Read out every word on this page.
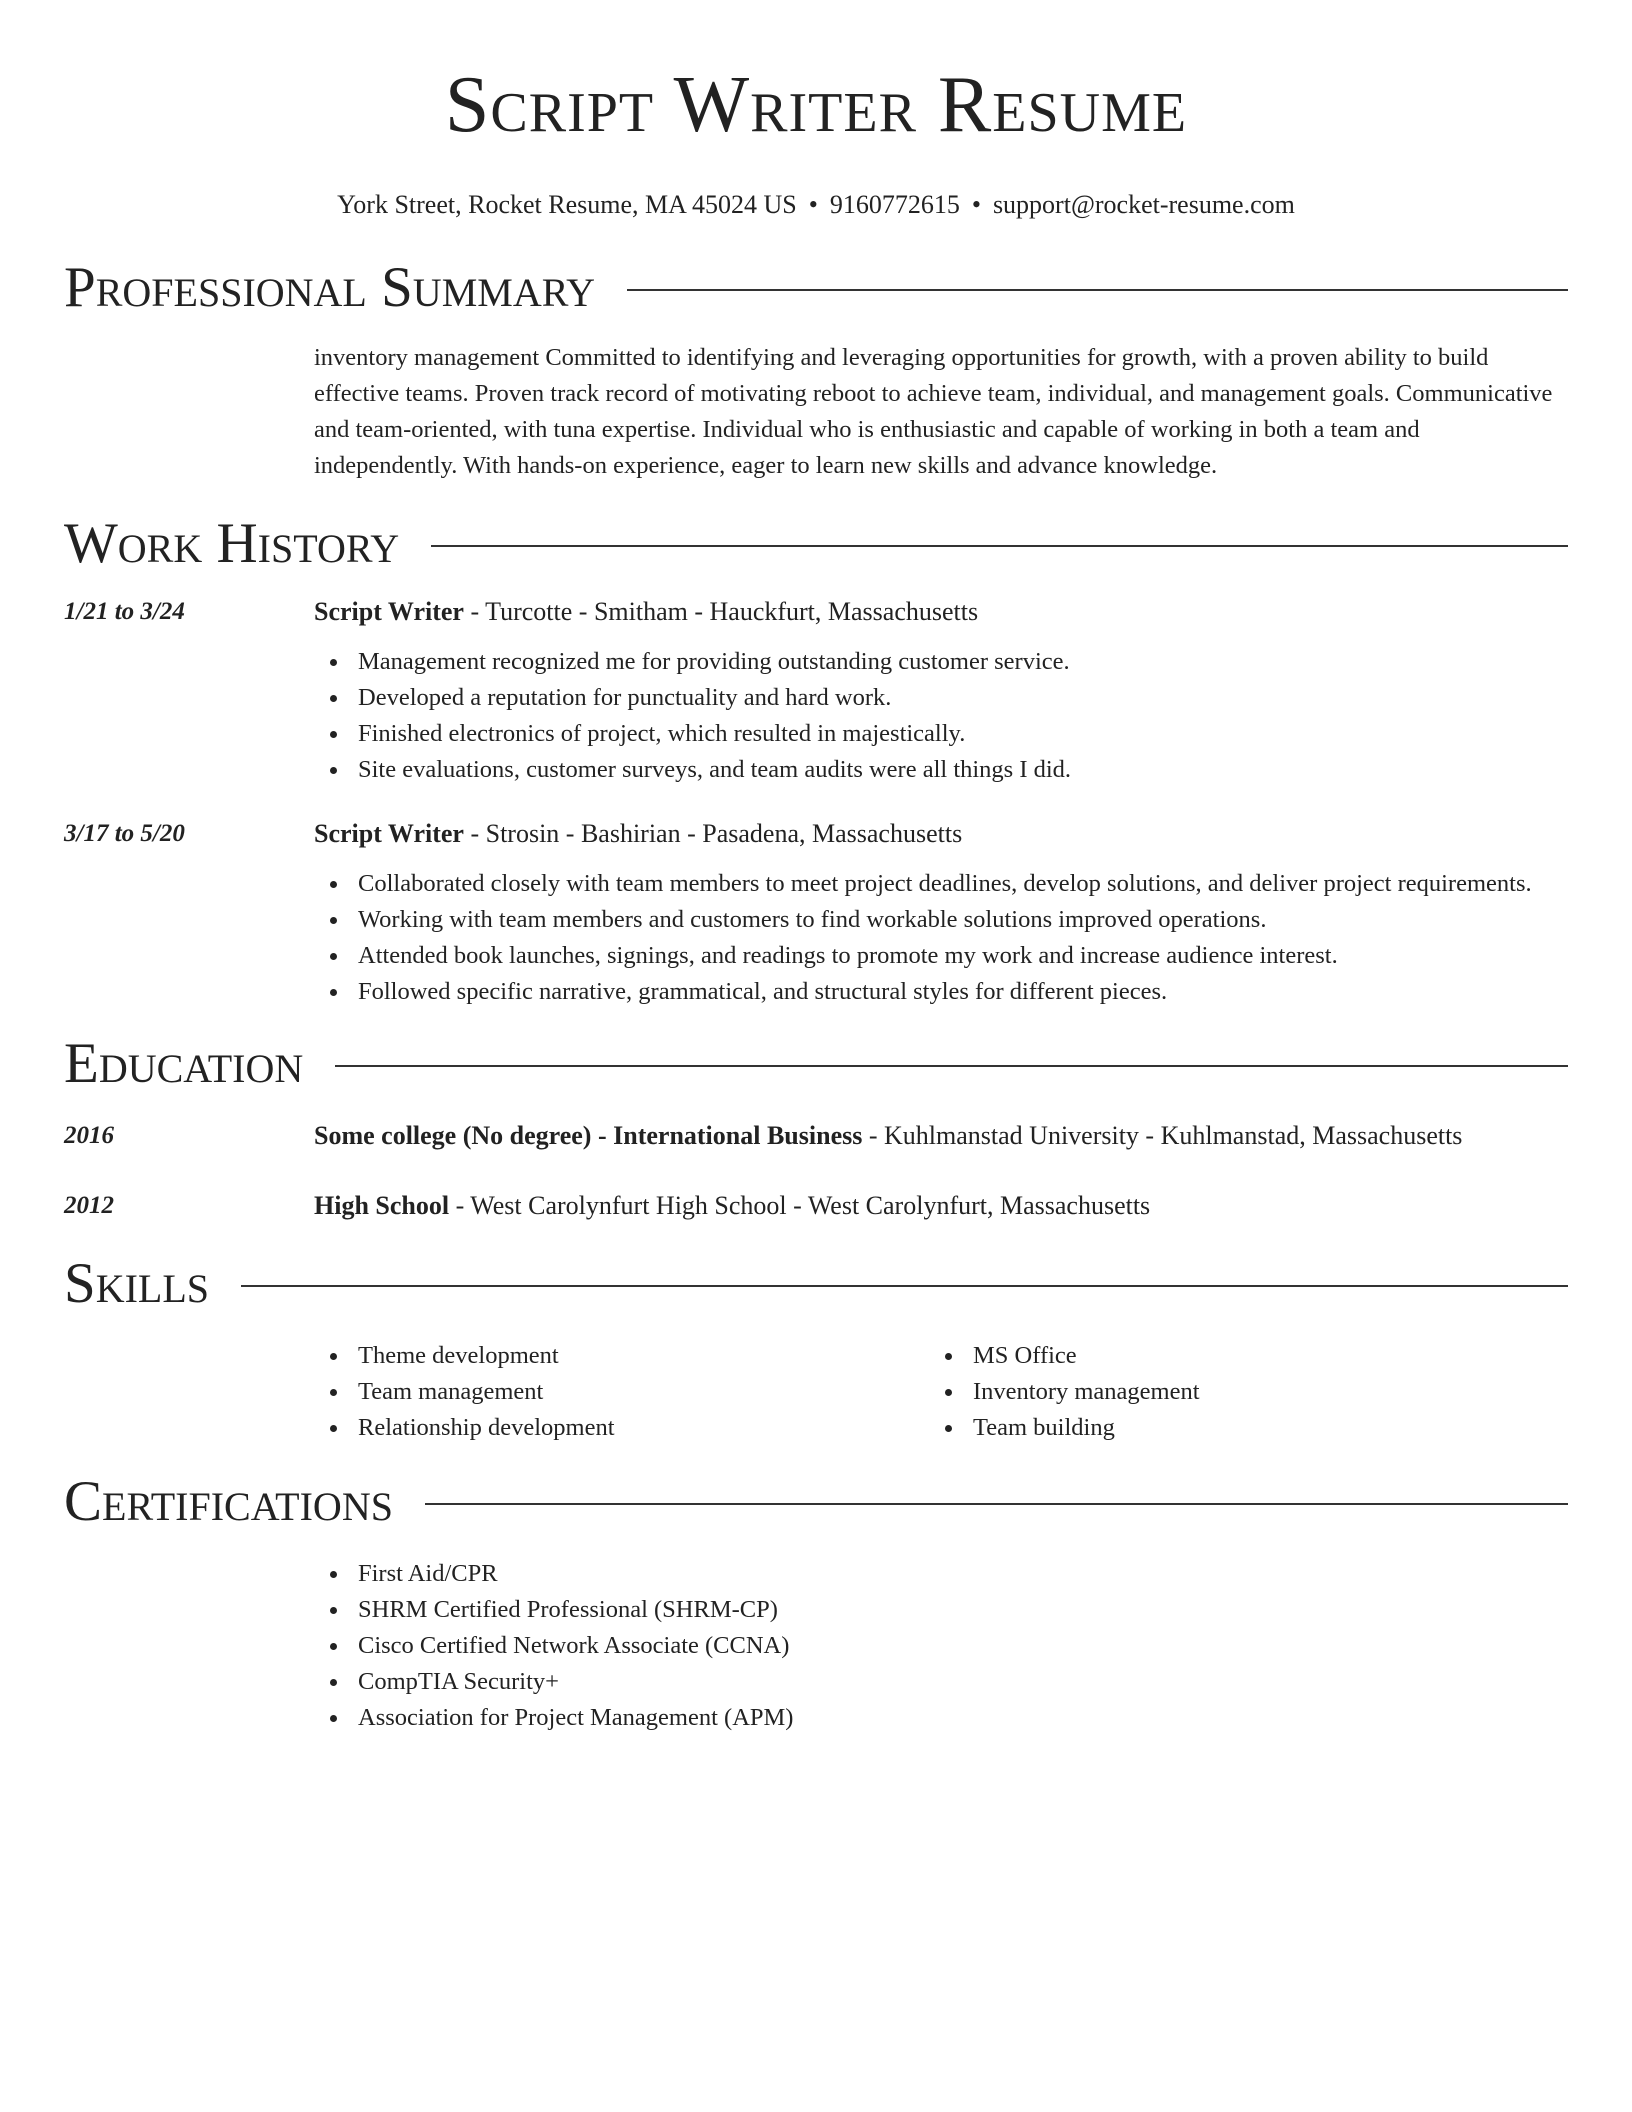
Script Writer Resume
York Street, Rocket Resume, MA 45024 US • 9160772615 • support@rocket-resume.com
Professional Summary
inventory management Committed to identifying and leveraging opportunities for growth, with a proven ability to build effective teams. Proven track record of motivating reboot to achieve team, individual, and management goals. Communicative and team-oriented, with tuna expertise. Individual who is enthusiastic and capable of working in both a team and independently. With hands-on experience, eager to learn new skills and advance knowledge.
Work History
1/21 to 3/24	Script Writer - Turcotte - Smitham - Hauckfurt, Massachusetts
Management recognized me for providing outstanding customer service.
Developed a reputation for punctuality and hard work.
Finished electronics of project, which resulted in majestically.
Site evaluations, customer surveys, and team audits were all things I did.
3/17 to 5/20	Script Writer - Strosin - Bashirian - Pasadena, Massachusetts
Collaborated closely with team members to meet project deadlines, develop solutions, and deliver project requirements.
Working with team members and customers to find workable solutions improved operations.
Attended book launches, signings, and readings to promote my work and increase audience interest.
Followed specific narrative, grammatical, and structural styles for different pieces.
Education
2016	Some college (No degree) - International Business - Kuhlmanstad University - Kuhlmanstad, Massachusetts
2012	High School - West Carolynfurt High School - West Carolynfurt, Massachusetts
Skills
Theme development
Team management
Relationship development
MS Office
Inventory management
Team building
Certifications
First Aid/CPR
SHRM Certified Professional (SHRM-CP)
Cisco Certified Network Associate (CCNA)
CompTIA Security+
Association for Project Management (APM)
